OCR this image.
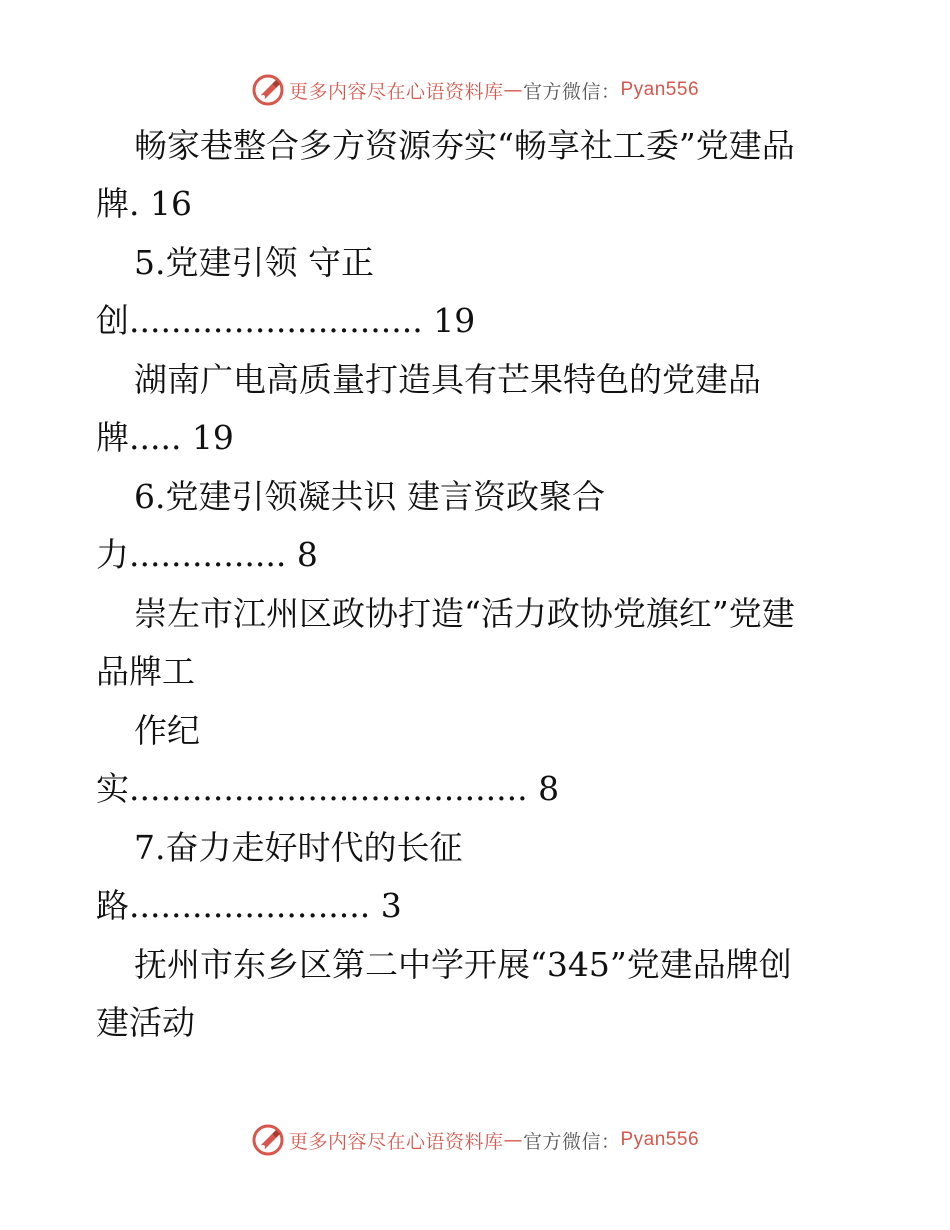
更多内容尽在心语资料库 — 官方微信： Pyan556
畅家巷整合多方资源夯实“畅享社工委”党建品
牌. 16
5.党建引领 守正
创............................ 19
湖南广电高质量打造具有芒果特色的党建品
牌..... 19
6.党建引领凝共识 建言资政聚合
力............... 8
崇左市江州区政协打造“活力政协党旗红”党建
品牌工
作纪
实...................................... 8
7.奋力走好时代的长征
路....................... 3
抚州市东乡区第二中学开展“345”党建品牌创
建活动
更多内容尽在心语资料库 — 官方微信： Pyan556
